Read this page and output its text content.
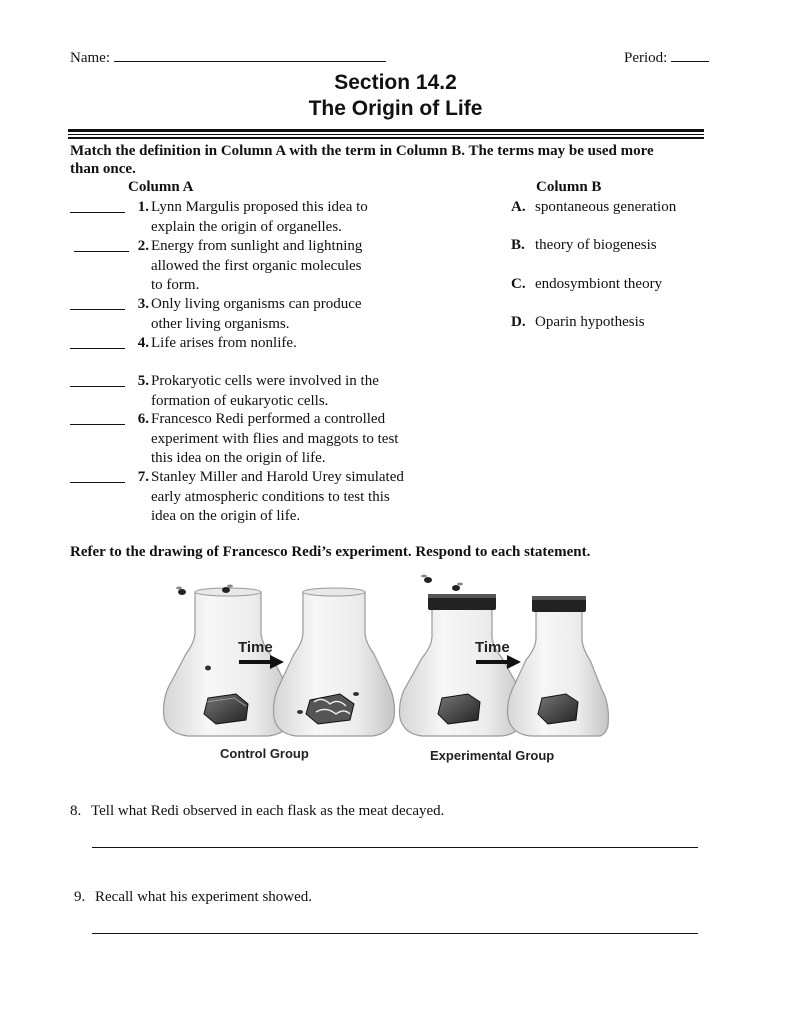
Name:	Period:
Section 14.2
The Origin of Life
Match the definition in Column A with the term in Column B. The terms may be used more
than once.
Column A	Column B
1. Lynn Margulis proposed this idea to
explain the origin of organelles.
2. Energy from sunlight and lightning
allowed the first organic molecules
to form.
3. Only living organisms can produce
other living organisms.
4. Life arises from nonlife.
5. Prokaryotic cells were involved in the
formation of eukaryotic cells.
6. Francesco Redi performed a controlled
experiment with flies and maggots to test
this idea on the origin of life.
7. Stanley Miller and Harold Urey simulated
early atmospheric conditions to test this
idea on the origin of life.
A. spontaneous generation
B. theory of biogenesis
C. endosymbiont theory
D. Oparin hypothesis
Refer to the drawing of Francesco Redi’s experiment. Respond to each statement.
Time	Time
Control Group	Experimental Group
8. Tell what Redi observed in each flask as the meat decayed.
9. Recall what his experiment showed.
